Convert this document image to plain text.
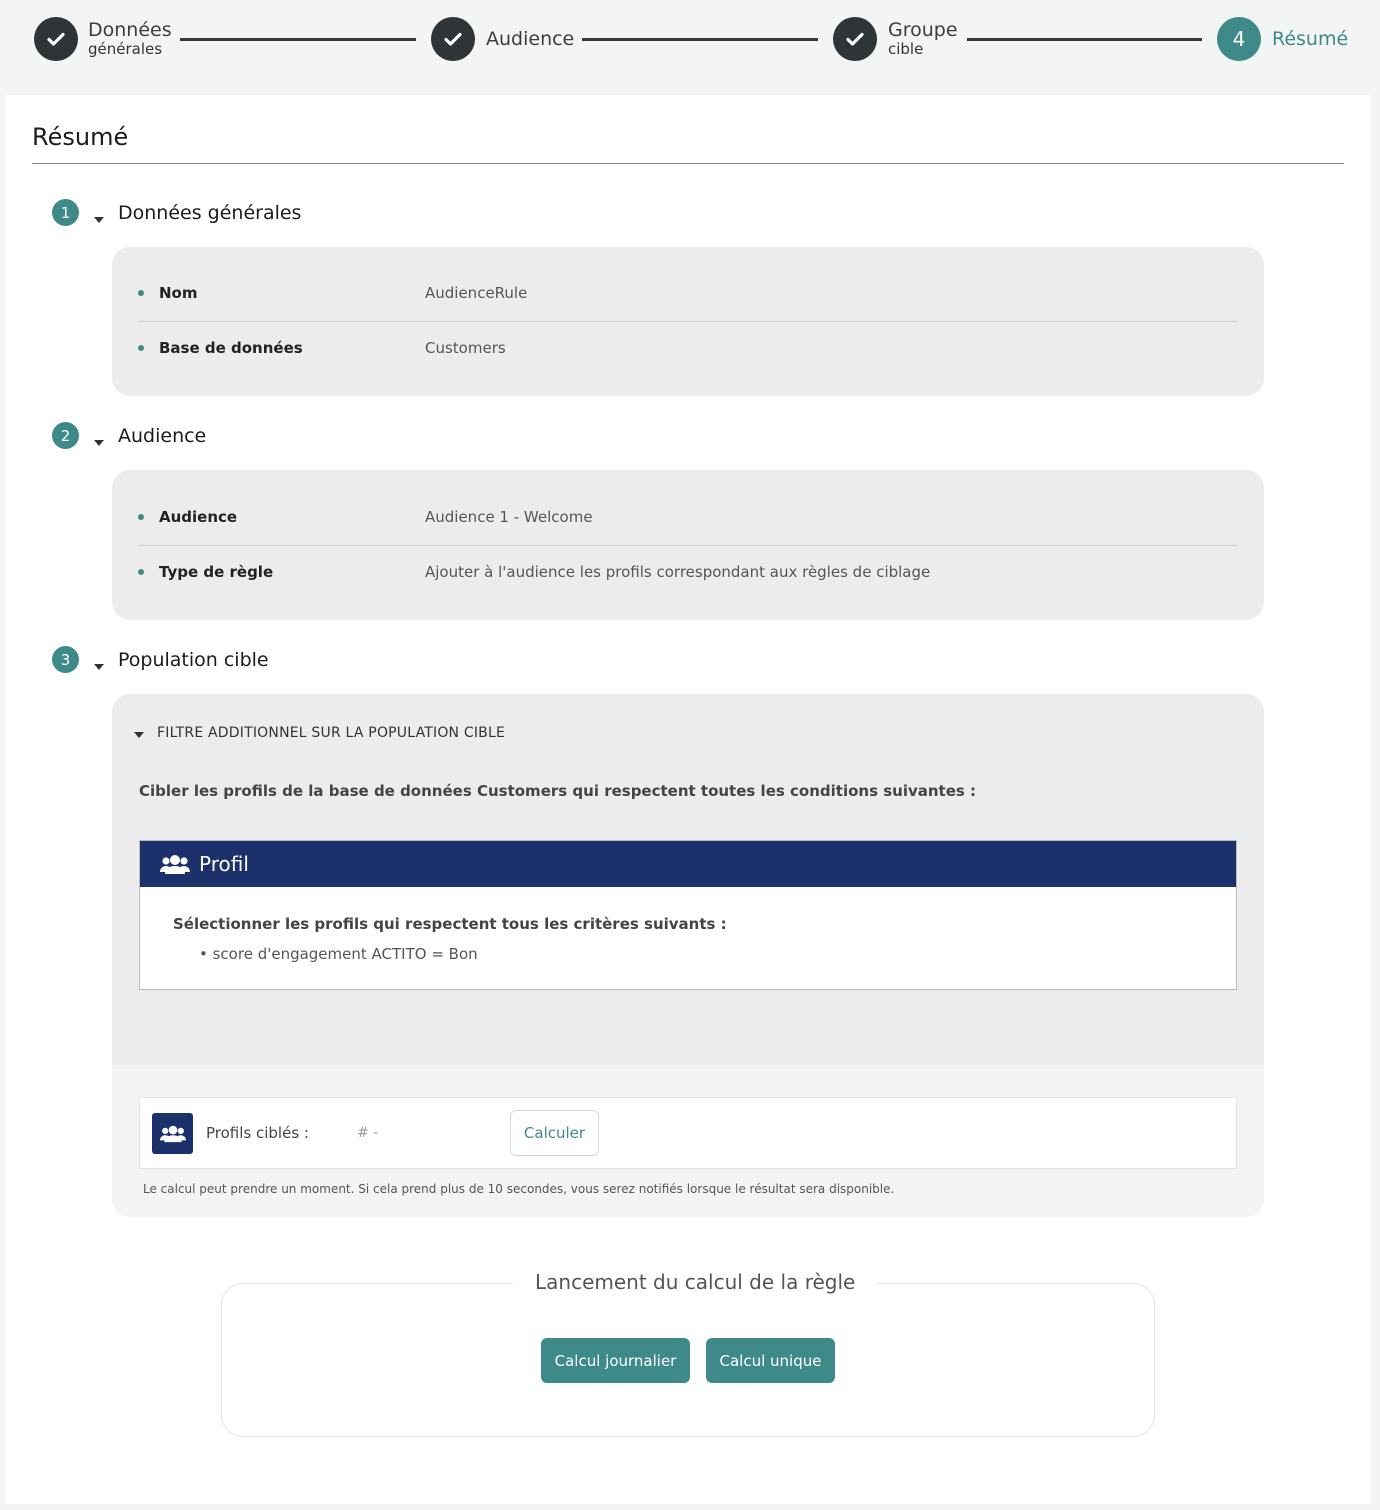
Données
générales	Audience	Groupe
cible	4	Résumé
Résumé
1	Données générales
Nom	AudienceRule
Base de données	Customers
2	Audience
Audience	Audience 1 - Welcome
Type de règle	Ajouter à l'audience les profils correspondant aux règles de ciblage
3	Population cible
FILTRE ADDITIONNEL SUR LA POPULATION CIBLE
Cibler les profils de la base de données Customers qui respectent toutes les conditions suivantes :
Profil
Sélectionner les profils qui respectent tous les critères suivants :
• score d'engagement ACTITO = Bon
Profils ciblés :	# -	Calculer
Le calcul peut prendre un moment. Si cela prend plus de 10 secondes, vous serez notifiés lorsque le résultat sera disponible.
Lancement du calcul de la règle
Calcul journalier	Calcul unique
